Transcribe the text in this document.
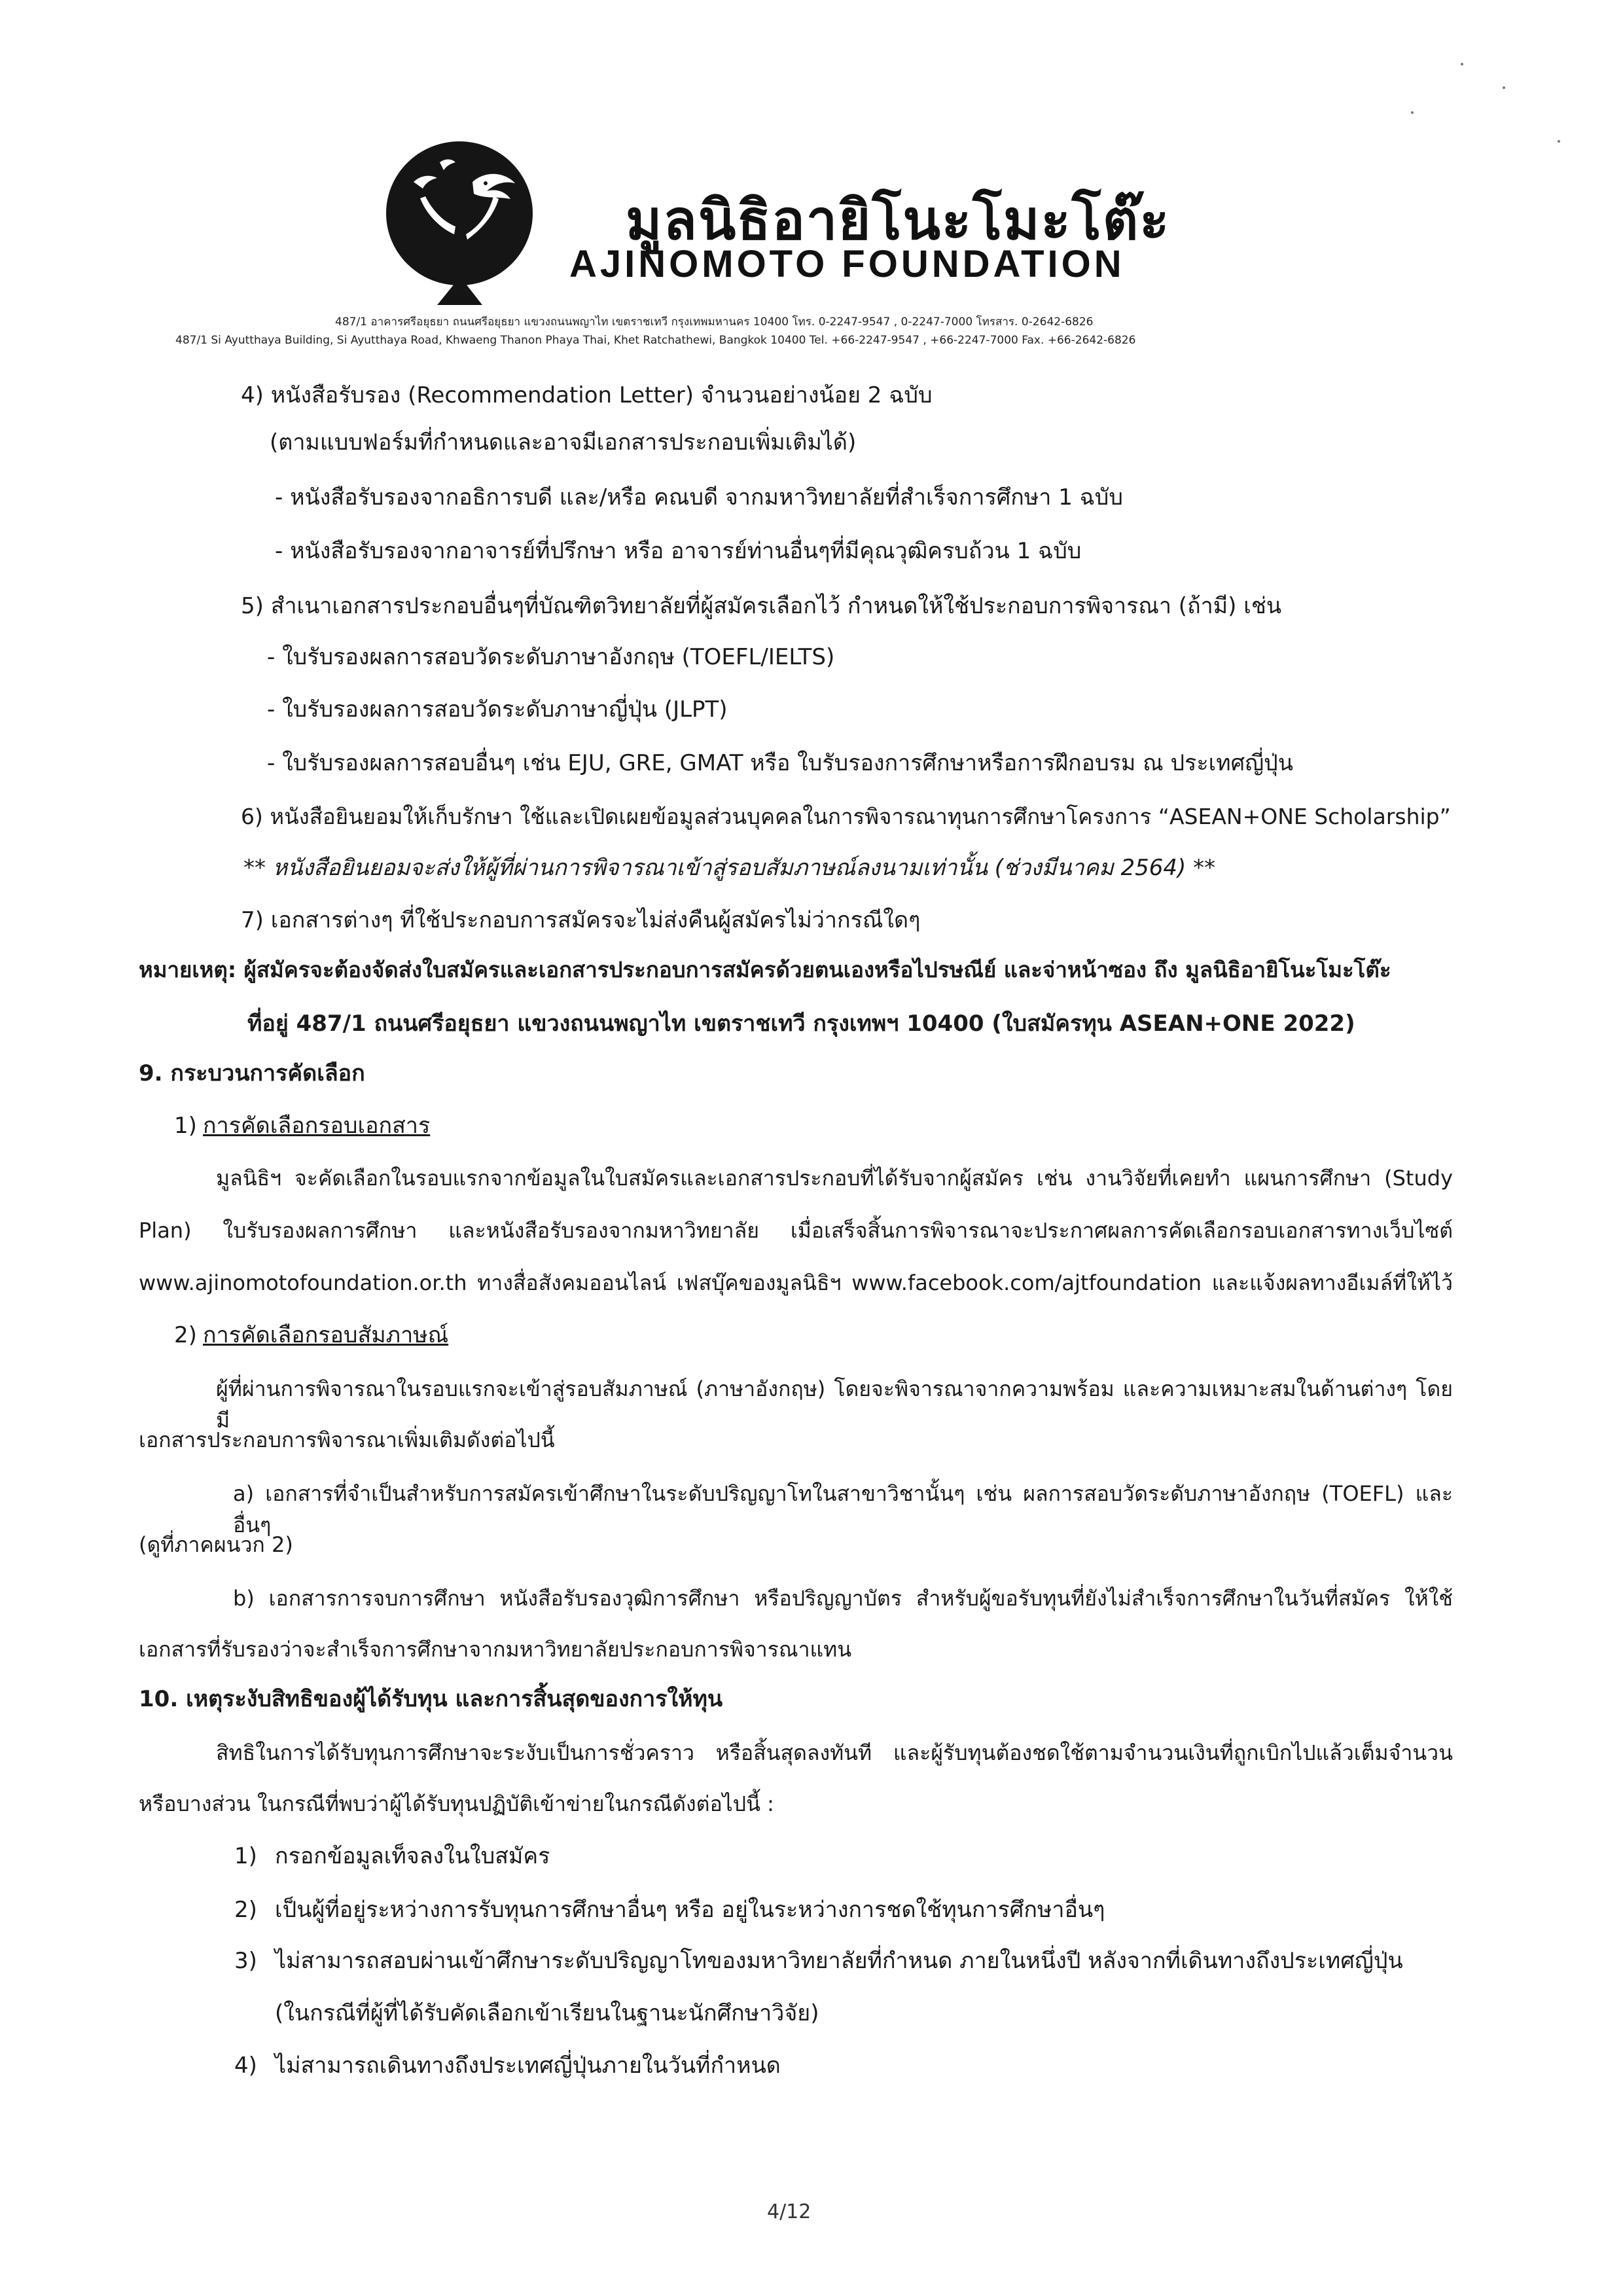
มูลนิธิอายิโนะโมะโต๊ะ
AJINOMOTO FOUNDATION
487/1 อาคารศรีอยุธยา ถนนศรีอยุธยา แขวงถนนพญาไท เขตราชเทวี กรุงเทพมหานคร 10400 โทร. 0-2247-9547 , 0-2247-7000 โทรสาร. 0-2642-6826
487/1 Si Ayutthaya Building, Si Ayutthaya Road, Khwaeng Thanon Phaya Thai, Khet Ratchathewi, Bangkok 10400 Tel. +66-2247-9547 , +66-2247-7000 Fax. +66-2642-6826
4) หนังสือรับรอง (Recommendation Letter) จำนวนอย่างน้อย 2 ฉบับ
(ตามแบบฟอร์มที่กำหนดและอาจมีเอกสารประกอบเพิ่มเติมได้)
- หนังสือรับรองจากอธิการบดี และ/หรือ คณบดี จากมหาวิทยาลัยที่สำเร็จการศึกษา 1 ฉบับ
- หนังสือรับรองจากอาจารย์ที่ปรึกษา หรือ อาจารย์ท่านอื่นๆที่มีคุณวุฒิครบถ้วน 1 ฉบับ
5) สำเนาเอกสารประกอบอื่นๆที่บัณฑิตวิทยาลัยที่ผู้สมัครเลือกไว้ กำหนดให้ใช้ประกอบการพิจารณา (ถ้ามี) เช่น
- ใบรับรองผลการสอบวัดระดับภาษาอังกฤษ (TOEFL/IELTS)
- ใบรับรองผลการสอบวัดระดับภาษาญี่ปุ่น (JLPT)
- ใบรับรองผลการสอบอื่นๆ เช่น EJU, GRE, GMAT หรือ ใบรับรองการศึกษาหรือการฝึกอบรม ณ ประเทศญี่ปุ่น
6) หนังสือยินยอมให้เก็บรักษา ใช้และเปิดเผยข้อมูลส่วนบุคคลในการพิจารณาทุนการศึกษาโครงการ “ASEAN+ONE Scholarship”
** หนังสือยินยอมจะส่งให้ผู้ที่ผ่านการพิจารณาเข้าสู่รอบสัมภาษณ์ลงนามเท่านั้น (ช่วงมีนาคม 2564) **
7) เอกสารต่างๆ ที่ใช้ประกอบการสมัครจะไม่ส่งคืนผู้สมัครไม่ว่ากรณีใดๆ
หมายเหตุ: ผู้สมัครจะต้องจัดส่งใบสมัครและเอกสารประกอบการสมัครด้วยตนเองหรือไปรษณีย์ และจ่าหน้าซอง ถึง มูลนิธิอายิโนะโมะโต๊ะ
ที่อยู่ 487/1 ถนนศรีอยุธยา แขวงถนนพญาไท เขตราชเทวี กรุงเทพฯ 10400 (ใบสมัครทุน ASEAN+ONE 2022)
9. กระบวนการคัดเลือก
1) การคัดเลือกรอบเอกสาร
มูลนิธิฯ จะคัดเลือกในรอบแรกจากข้อมูลในใบสมัครและเอกสารประกอบที่ได้รับจากผู้สมัคร เช่น งานวิจัยที่เคยทำ แผนการศึกษา (Study
Plan) ใบรับรองผลการศึกษา และหนังสือรับรองจากมหาวิทยาลัย เมื่อเสร็จสิ้นการพิจารณาจะประกาศผลการคัดเลือกรอบเอกสารทางเว็บไซต์
www.ajinomotofoundation.or.th ทางสื่อสังคมออนไลน์ เฟสบุ๊คของมูลนิธิฯ www.facebook.com/ajtfoundation และแจ้งผลทางอีเมล์ที่ให้ไว้
2) การคัดเลือกรอบสัมภาษณ์
ผู้ที่ผ่านการพิจารณาในรอบแรกจะเข้าสู่รอบสัมภาษณ์ (ภาษาอังกฤษ) โดยจะพิจารณาจากความพร้อม และความเหมาะสมในด้านต่างๆ โดยมี
เอกสารประกอบการพิจารณาเพิ่มเติมดังต่อไปนี้
a) เอกสารที่จำเป็นสำหรับการสมัครเข้าศึกษาในระดับปริญญาโทในสาขาวิชานั้นๆ เช่น ผลการสอบวัดระดับภาษาอังกฤษ (TOEFL) และอื่นๆ
(ดูที่ภาคผนวก 2)
b) เอกสารการจบการศึกษา หนังสือรับรองวุฒิการศึกษา หรือปริญญาบัตร สำหรับผู้ขอรับทุนที่ยังไม่สำเร็จการศึกษาในวันที่สมัคร ให้ใช้
เอกสารที่รับรองว่าจะสำเร็จการศึกษาจากมหาวิทยาลัยประกอบการพิจารณาแทน
10. เหตุระงับสิทธิของผู้ได้รับทุน และการสิ้นสุดของการให้ทุน
สิทธิในการได้รับทุนการศึกษาจะระงับเป็นการชั่วคราว หรือสิ้นสุดลงทันที และผู้รับทุนต้องชดใช้ตามจำนวนเงินที่ถูกเบิกไปแล้วเต็มจำนวน
หรือบางส่วน ในกรณีที่พบว่าผู้ได้รับทุนปฏิบัติเข้าข่ายในกรณีดังต่อไปนี้ :
1) กรอกข้อมูลเท็จลงในใบสมัคร
2) เป็นผู้ที่อยู่ระหว่างการรับทุนการศึกษาอื่นๆ หรือ อยู่ในระหว่างการชดใช้ทุนการศึกษาอื่นๆ
3) ไม่สามารถสอบผ่านเข้าศึกษาระดับปริญญาโทของมหาวิทยาลัยที่กำหนด ภายในหนึ่งปี หลังจากที่เดินทางถึงประเทศญี่ปุ่น
(ในกรณีที่ผู้ที่ได้รับคัดเลือกเข้าเรียนในฐานะนักศึกษาวิจัย)
4) ไม่สามารถเดินทางถึงประเทศญี่ปุ่นภายในวันที่กำหนด
4/12
